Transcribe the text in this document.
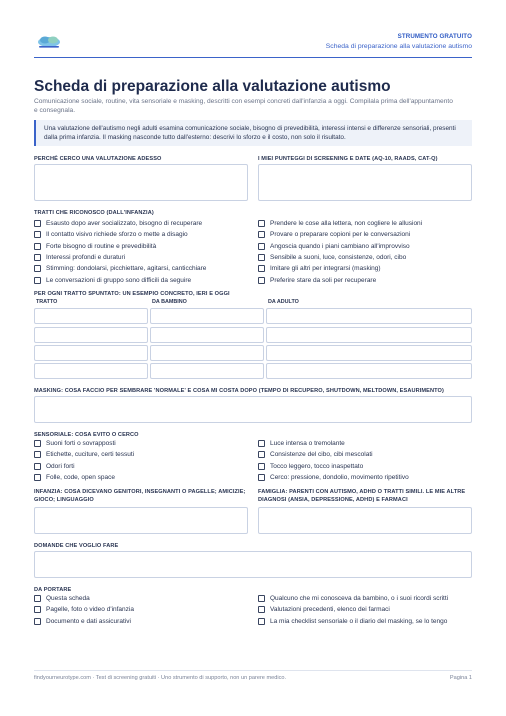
STRUMENTO GRATUITO
Scheda di preparazione alla valutazione autismo
Scheda di preparazione alla valutazione autismo
Comunicazione sociale, routine, vita sensoriale e masking, descritti con esempi concreti dall'infanzia a oggi. Compilala prima dell'appuntamento e consegnala.
Una valutazione dell'autismo negli adulti esamina comunicazione sociale, bisogno di prevedibilità, interessi intensi e differenze sensoriali, presenti dalla prima infanzia. Il masking nasconde tutto dall'esterno: descrivi lo sforzo e il costo, non solo il risultato.
PERCHÉ CERCO UNA VALUTAZIONE ADESSO	I MIEI PUNTEGGI DI SCREENING E DATE (AQ-10, RAADS, CAT-Q)
TRATTI CHE RICONOSCO (DALL'INFANZIA)
Esausto dopo aver socializzato, bisogno di recuperare
Il contatto visivo richiede sforzo o mette a disagio
Forte bisogno di routine e prevedibilità
Interessi profondi e duraturi
Stimming: dondolarsi, picchiettare, agitarsi, canticchiare
Le conversazioni di gruppo sono difficili da seguire
Prendere le cose alla lettera, non cogliere le allusioni
Provare o preparare copioni per le conversazioni
Angoscia quando i piani cambiano all'improvviso
Sensibile a suoni, luce, consistenze, odori, cibo
Imitare gli altri per integrarsi (masking)
Preferire stare da soli per recuperare
PER OGNI TRATTO SPUNTATO: UN ESEMPIO CONCRETO, IERI E OGGI
TRATTO	DA BAMBINO	DA ADULTO
MASKING: COSA FACCIO PER SEMBRARE 'NORMALE' E COSA MI COSTA DOPO (TEMPO DI RECUPERO, SHUTDOWN, MELTDOWN, ESAURIMENTO)
SENSORIALE: COSA EVITO O CERCO
Suoni forti o sovrapposti
Etichette, cuciture, certi tessuti
Odori forti
Folle, code, open space
Luce intensa o tremolante
Consistenze del cibo, cibi mescolati
Tocco leggero, tocco inaspettato
Cerco: pressione, dondolio, movimento ripetitivo
INFANZIA: COSA DICEVANO GENITORI, INSEGNANTI O PAGELLE; AMICIZIE; GIOCO; LINGUAGGIO
FAMIGLIA: PARENTI CON AUTISMO, ADHD O TRATTI SIMILI. LE MIE ALTRE DIAGNOSI (ANSIA, DEPRESSIONE, ADHD) E FARMACI
DOMANDE CHE VOGLIO FARE
DA PORTARE
Questa scheda
Pagelle, foto o video d'infanzia
Documento e dati assicurativi
Qualcuno che mi conosceva da bambino, o i suoi ricordi scritti
Valutazioni precedenti, elenco dei farmaci
La mia checklist sensoriale o il diario del masking, se lo tengo
findyourneurotype.com · Test di screening gratuiti · Uno strumento di supporto, non un parere medico.	Pagina 1
